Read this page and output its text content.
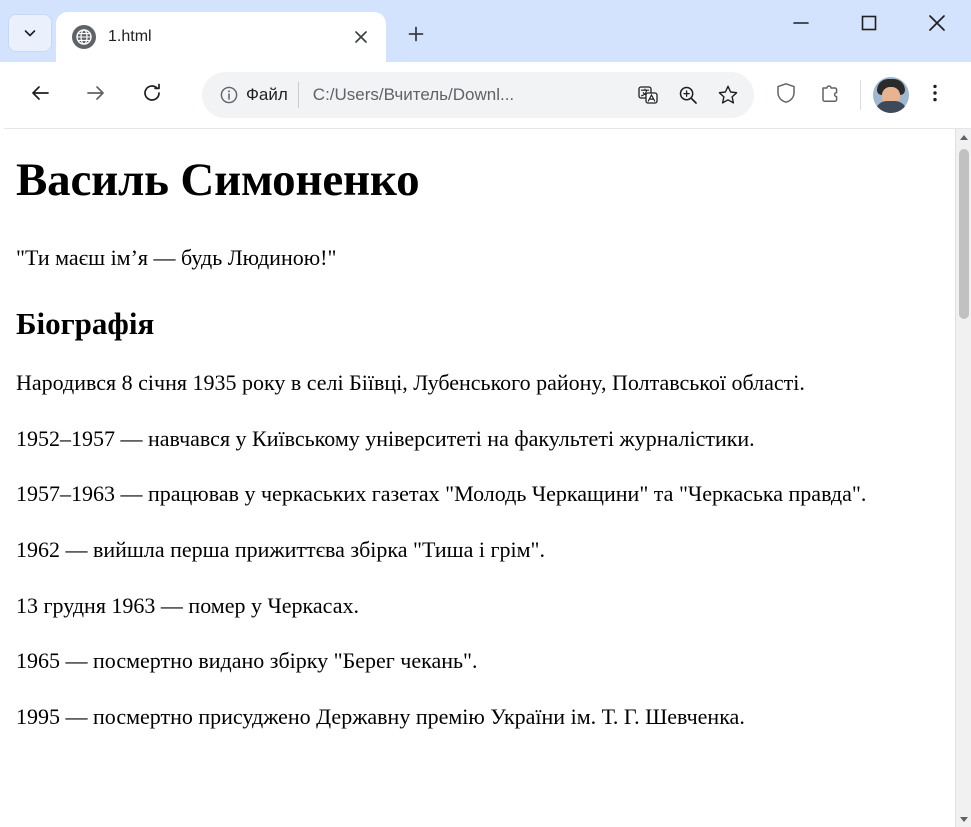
1.html
Файл C:/Users/Вчитель/Downl...
Василь Симоненко

"Ти маєш ім’я — будь Людиною!"

Біографія

Народився 8 січня 1935 року в селі Біївці, Лубенського районy, Полтавської області.

1952–1957 — навчався у Київському університеті на факультеті журналістики.

1957–1963 — працював у черкаських газетах "Молодь Черкащини" та "Черкаська правда".

1962 — вийшла перша прижиттєва збірка "Тиша і грім".

13 грудня 1963 — помер у Черкасах.

1965 — посмертно видано збірку "Берег чекань".

1995 — посмертно присуджено Державну премію України ім. Т. Г. Шевченка.
